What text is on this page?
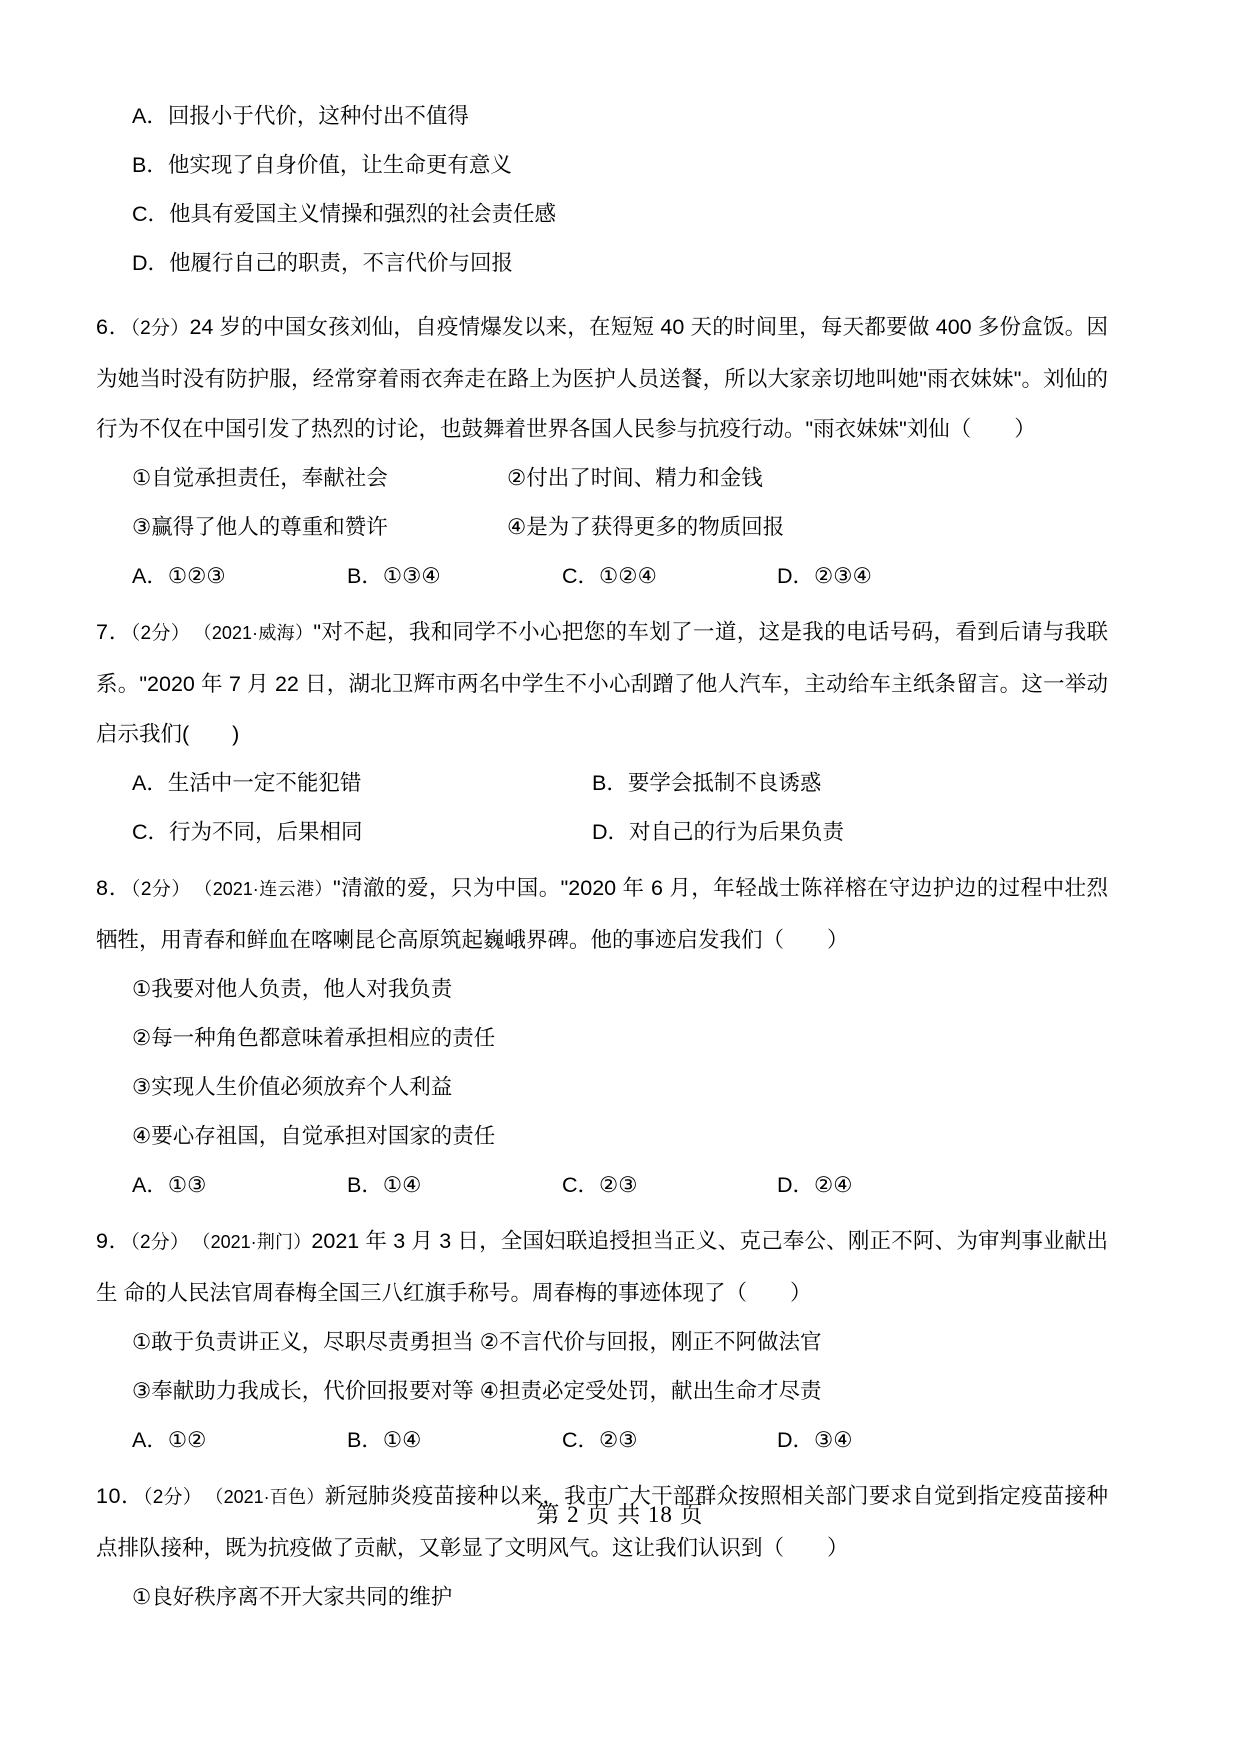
A．回报小于代价，这种付出不值得
B．他实现了自身价值，让生命更有意义
C．他具有爱国主义情操和强烈的社会责任感
D．他履行自己的职责，不言代价与回报
6．（2分）24 岁的中国女孩刘仙，自疫情爆发以来，在短短 40 天的时间里，每天都要做 400 多份盒饭。因为她当时没有防护服，经常穿着雨衣奔走在路上为医护人员送餐，所以大家亲切地叫她"雨衣妹妹"。刘仙的行为不仅在中国引发了热烈的讨论，也鼓舞着世界各国人民参与抗疫行动。"雨衣妹妹"刘仙（　　）
①自觉承担责任，奉献社会	②付出了时间、精力和金钱
③赢得了他人的尊重和赞许	④是为了获得更多的物质回报
A．①②③	B．①③④	C．①②④	D．②③④
7．（2分）　 （2021·威海）"对不起，我和同学不小心把您的车划了一道，这是我的电话号码，看到后请与我联系。"2020 年 7 月 22 日，湖北卫辉市两名中学生不小心刮蹭了他人汽车，主动给车主纸条留言。这一举动启示我们(　　)
A．生活中一定不能犯错	B．要学会抵制不良诱惑
C．行为不同，后果相同	D．对自己的行为后果负责
8．（2分）　 （2021·连云港）"清澈的爱，只为中国。"2020 年 6 月，年轻战士陈祥榕在守边护边的过程中壮烈牺牲，用青春和鲜血在喀喇昆仑高原筑起巍峨界碑。他的事迹启发我们（　　）
①我要对他人负责，他人对我负责
②每一种角色都意味着承担相应的责任
③实现人生价值必须放弃个人利益
④要心存祖国，自觉承担对国家的责任
A．①③	B．①④	C．②③	D．②④
9．（2分）　 （2021·荆门）2021 年 3 月 3 日，全国妇联追授担当正义、克己奉公、刚正不阿、为审判事业献出生 命的人民法官周春梅全国三八红旗手称号。周春梅的事迹体现了（　　）
①敢于负责讲正义，尽职尽责勇担当 ②不言代价与回报，刚正不阿做法官
③奉献助力我成长，代价回报要对等 ④担责必定受处罚，献出生命才尽责
A．①②	B．①④	C．②③	D．③④
10．（2分）　 （2021·百色）新冠肺炎疫苗接种以来，我市广大干部群众按照相关部门要求自觉到指定疫苗接种点排队接种，既为抗疫做了贡献，又彰显了文明风气。这让我们认识到（　　）
①良好秩序离不开大家共同的维护
第 2 页 共 18 页
